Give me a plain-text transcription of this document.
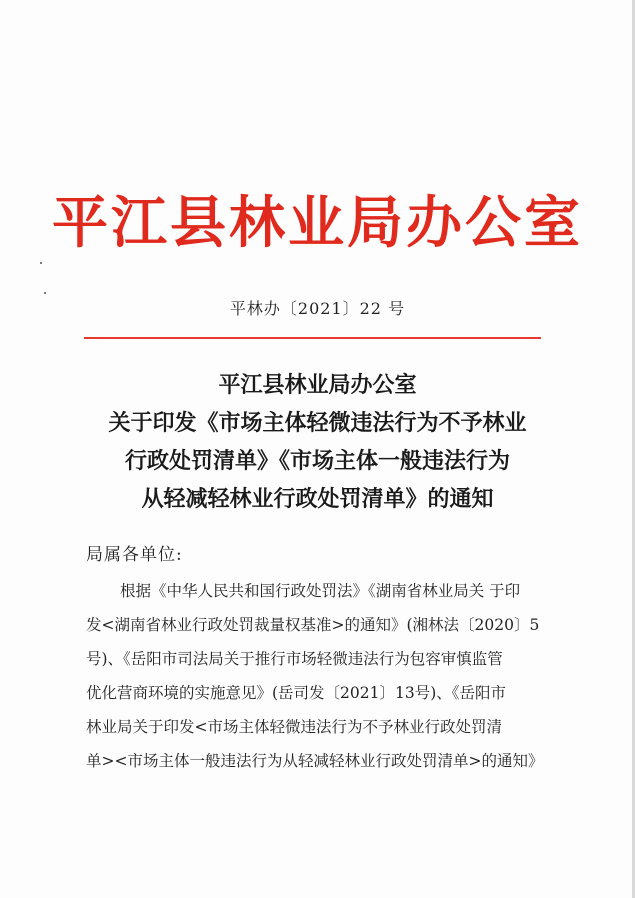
平江县林业局办公室
平林办〔2021〕22 号
平江县林业局办公室
关于印发《市场主体轻微违法行为不予林业
行政处罚清单》《市场主体一般违法行为
从轻减轻林业行政处罚清单》的通知
局属各单位:
根据《中华人民共和国行政处罚法》《湖南省林业局关 于印
发<湖南省林业行政处罚裁量权基准>的通知》(湘林法〔2020〕5
号)、《岳阳市司法局关于推行市场轻微违法行为包容审慎监管
优化营商环境的实施意见》(岳司发〔2021〕13号)、《岳阳市
林业局关于印发<市场主体轻微违法行为不予林业行政处罚清
单><市场主体一般违法行为从轻减轻林业行政处罚清单>的通知》
